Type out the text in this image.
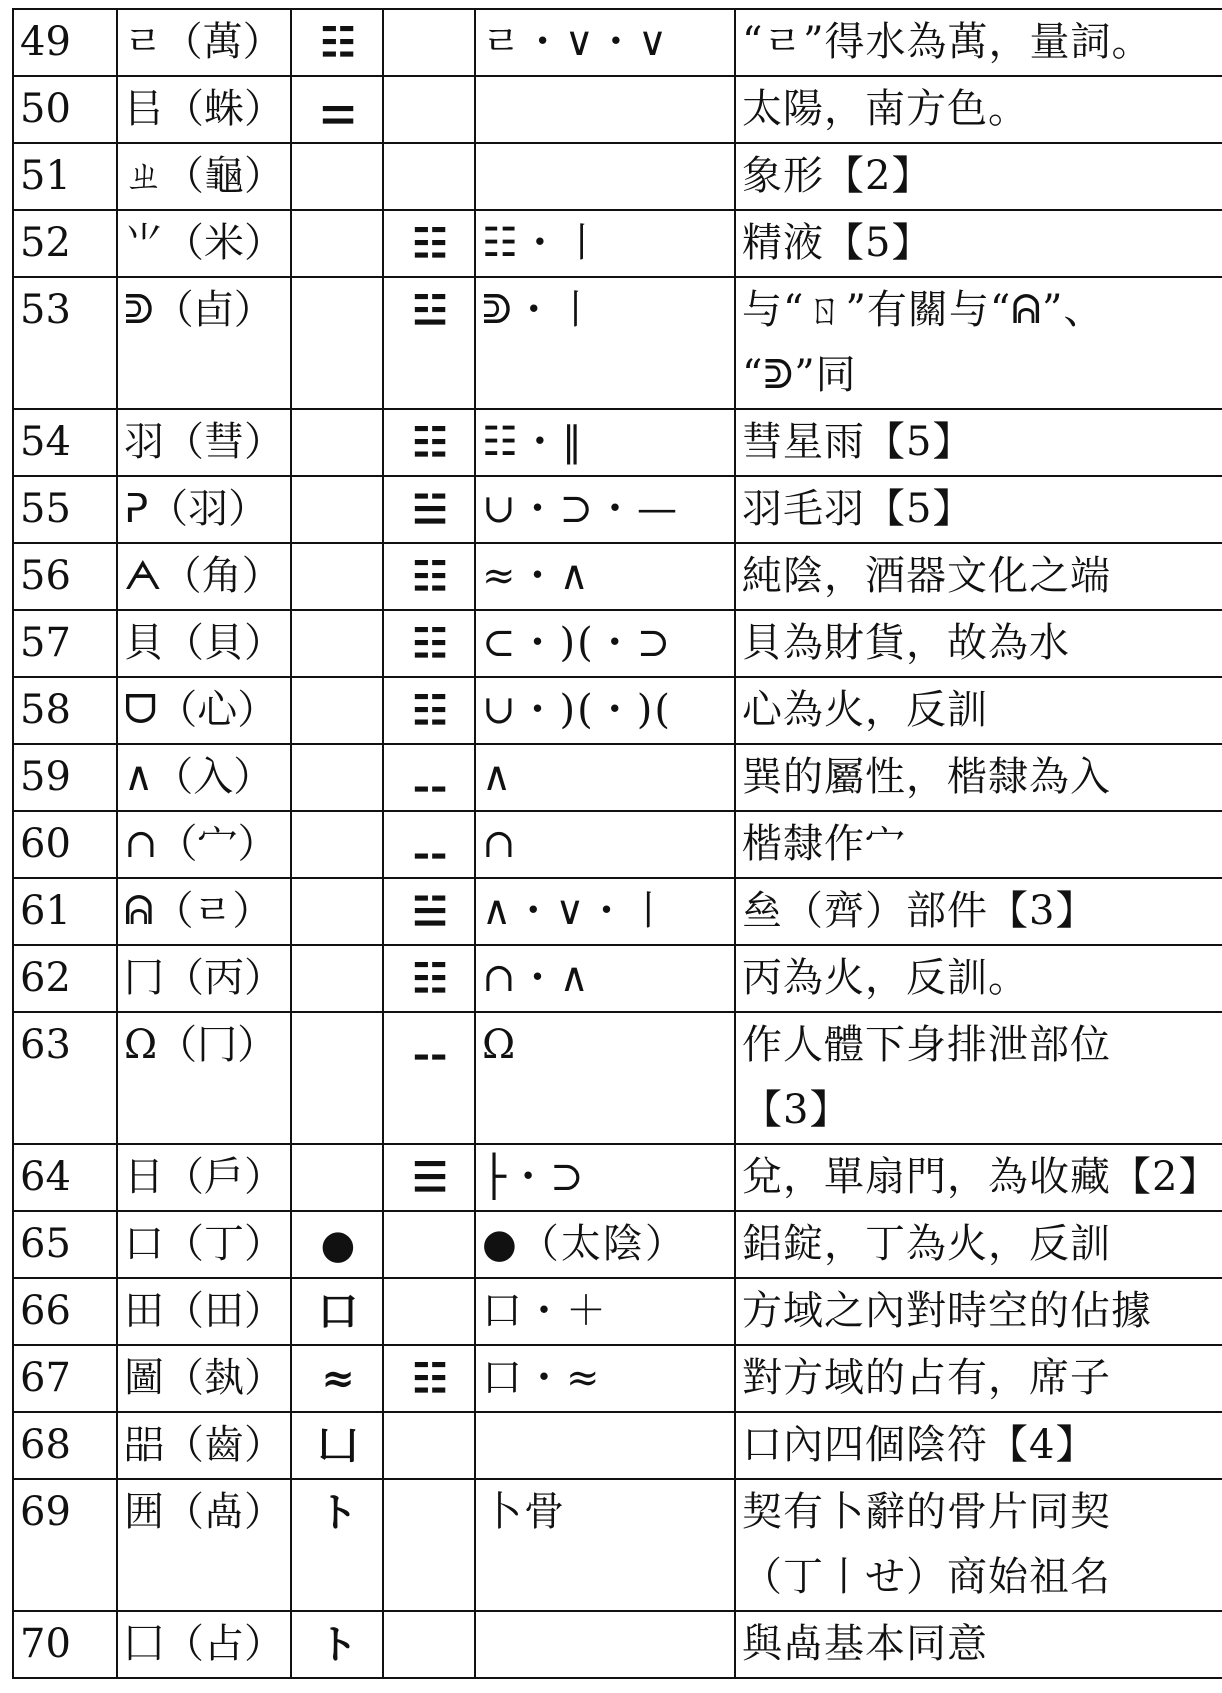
49	ㄹ（萬）	☷		ㄹ・∨・∨	“ㄹ”得水為萬，量詞。

50	㠯（蛛）	⚌			太陽，南方色。

51	ㄓ（龜）				象形【2】

52	⺌（米）		☷	☷・丨	精液【5】

53	ᕲ（卣）		☳	ᕲ・丨	与“ㄖ”有關与“ᕱ”、
“ᕲ”同

54	羽（彗）		☷	☷・‖	彗星雨【5】

55	ᕈ（羽）		☱	∪・⊃・—	羽毛羽【5】

56	ᗅ（角）		☷	≈・∧	純陰，酒器文化之端

57	貝（貝）		☷	⊂・)(・⊃	貝為財貨，故為水

58	ᗜ（心）		☷	∪・)(・)(	心為火，反訓

59	∧（入）		⚋	∧	巽的屬性，楷隸為入

60	∩（宀）		⚋	∩	楷隸作宀

61	ᕱ（ㄹ）		☱	∧・∨・丨	亝（齊）部件【3】

62	冂（丙）		☷	∩・∧	丙為火，反訓。

63	Ω（冂）		⚋	Ω	作人體下身排泄部位
【3】

64	日（戶）		☰	├・⊃	兌，單扇門，為收藏【2】

65	口（丁）	●		●（太陰）	鋁錠，丁為火，反訓

66	田（田）	口		口・＋	方域之內對時空的佔據

67	圖（埶）	≈	☷	口・≈	對方域的占有，席子

68	㗊（齒）	凵			口內四個陰符【4】

69	囲（卨）	ト		卜骨	契有卜辭的骨片同契
（丁丨せ）商始祖名

70	囗（占）	ト			與卨基本同意
